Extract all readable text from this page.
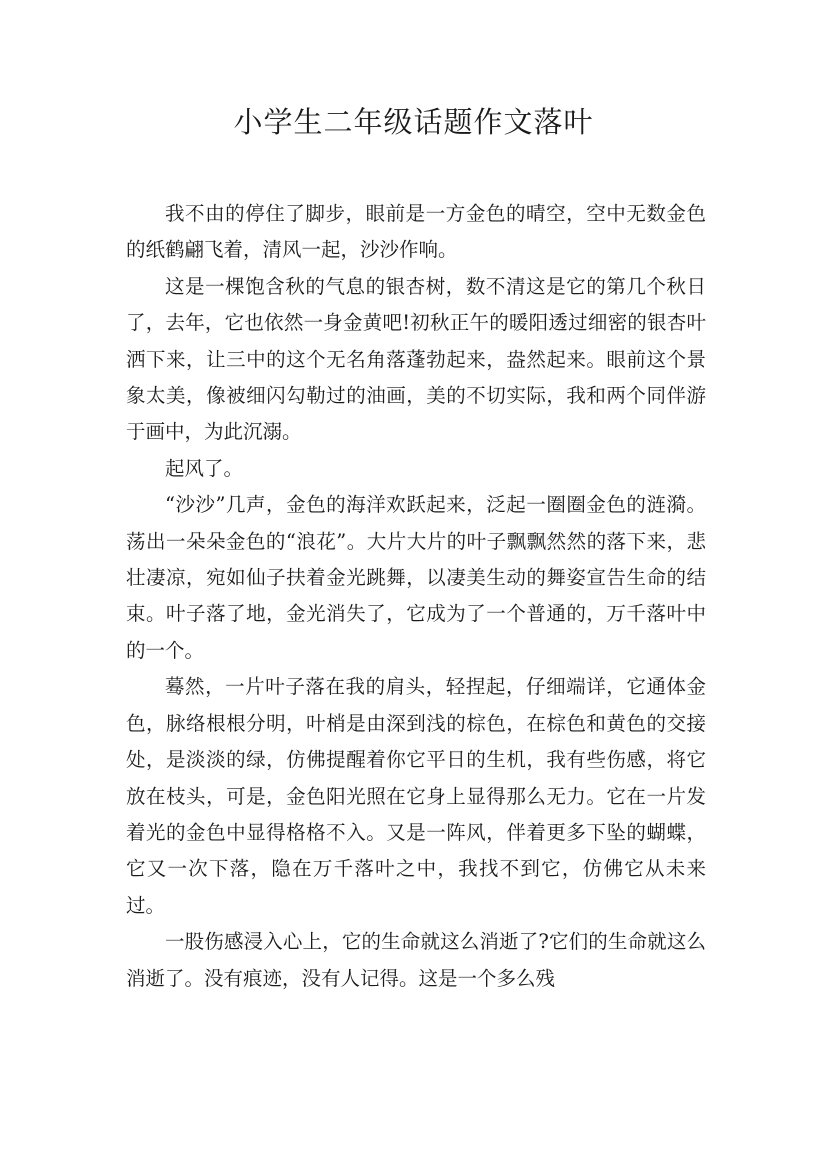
小学生二年级话题作文落叶

我不由的停住了脚步，眼前是一方金色的晴空，空中无数金色的纸鹤翩飞着，清风一起，沙沙作响。

这是一棵饱含秋的气息的银杏树，数不清这是它的第几个秋日了，去年，它也依然一身金黄吧!初秋正午的暖阳透过细密的银杏叶洒下来，让三中的这个无名角落蓬勃起来，盎然起来。眼前这个景象太美，像被细闪勾勒过的油画，美的不切实际，我和两个同伴游于画中，为此沉溺。

起风了。

“沙沙”几声，金色的海洋欢跃起来，泛起一圈圈金色的涟漪。荡出一朵朵金色的“浪花”。大片大片的叶子飘飘然然的落下来，悲壮凄凉，宛如仙子扶着金光跳舞，以凄美生动的舞姿宣告生命的结束。叶子落了地，金光消失了，它成为了一个普通的，万千落叶中的一个。

蓦然，一片叶子落在我的肩头，轻捏起，仔细端详，它通体金色，脉络根根分明，叶梢是由深到浅的棕色，在棕色和黄色的交接处，是淡淡的绿，仿佛提醒着你它平日的生机，我有些伤感，将它放在枝头，可是，金色阳光照在它身上显得那么无力。它在一片发着光的金色中显得格格不入。又是一阵风，伴着更多下坠的蝴蝶，它又一次下落，隐在万千落叶之中，我找不到它，仿佛它从未来过。

一股伤感浸入心上，它的生命就这么消逝了?它们的生命就这么消逝了。没有痕迹，没有人记得。这是一个多么残
